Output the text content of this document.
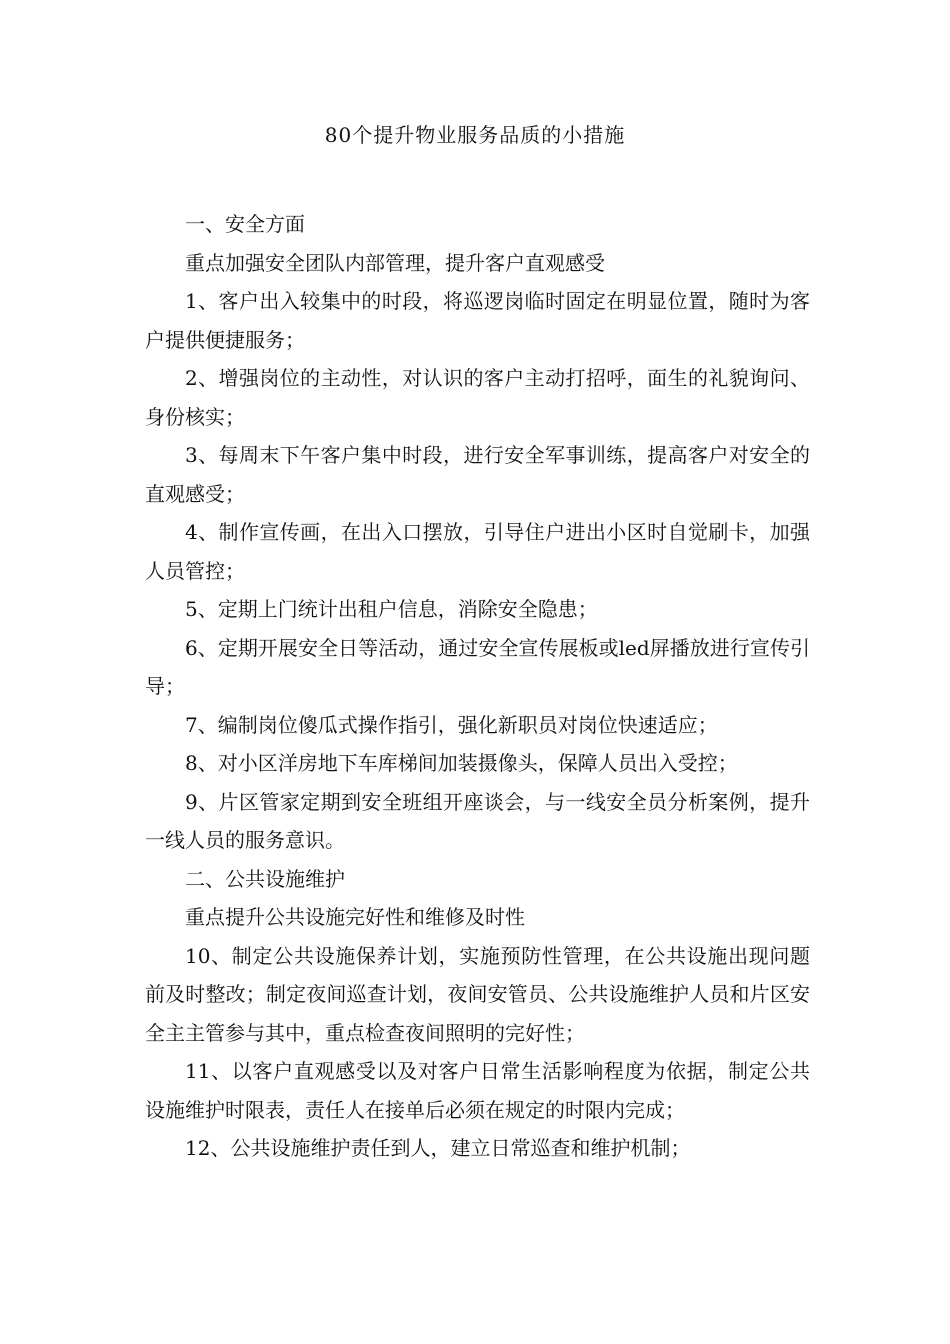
80个提升物业服务品质的小措施

一、安全方面

重点加强安全团队内部管理，提升客户直观感受

1、客户出入较集中的时段，将巡逻岗临时固定在明显位置，随时为客户提供便捷服务；

2、增强岗位的主动性，对认识的客户主动打招呼，面生的礼貌询问、身份核实；

3、每周末下午客户集中时段，进行安全军事训练，提高客户对安全的直观感受；

4、制作宣传画，在出入口摆放，引导住户进出小区时自觉刷卡，加强人员管控；

5、定期上门统计出租户信息，消除安全隐患；

6、定期开展安全日等活动，通过安全宣传展板或led屏播放进行宣传引导；

7、编制岗位傻瓜式操作指引，强化新职员对岗位快速适应；

8、对小区洋房地下车库梯间加装摄像头，保障人员出入受控；

9、片区管家定期到安全班组开座谈会，与一线安全员分析案例，提升一线人员的服务意识。

二、公共设施维护

重点提升公共设施完好性和维修及时性

10、制定公共设施保养计划，实施预防性管理，在公共设施出现问题前及时整改；制定夜间巡查计划，夜间安管员、公共设施维护人员和片区安全主主管参与其中，重点检查夜间照明的完好性；

11、以客户直观感受以及对客户日常生活影响程度为依据，制定公共设施维护时限表，责任人在接单后必须在规定的时限内完成；

12、公共设施维护责任到人，建立日常巡查和维护机制；
